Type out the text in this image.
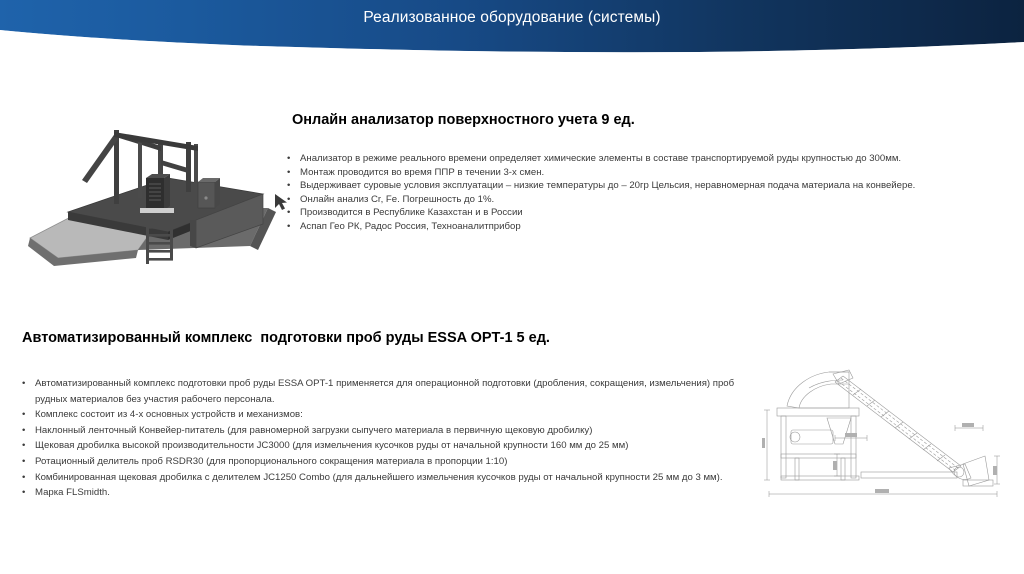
Реализованное оборудование (системы)
Онлайн анализатор поверхностного учета 9 ед.
• Анализатор в режиме реального времени определяет химические элементы в составе транспортируемой руды крупностью до 300мм.
• Монтаж проводится во время ППР в течении 3-х смен.
• Выдерживает суровые условия эксплуатации – низкие температуры до – 20гр Цельсия, неравномерная подача материала на конвейере.
• Онлайн анализ Cr, Fe. Погрешность до 1%.
• Производится в Республике Казахстан и в России
• Аспап Гео РК, Радос Россия, Техноаналитприбор
Автоматизированный комплекс  подготовки проб руды ESSA OPT-1 5 ед.
• Автоматизированный комплекс подготовки проб руды ESSA OPT-1 применяется для операционной подготовки (дробления, сокращения, измельчения) проб рудных материалов без участия рабочего персонала.
• Комплекс состоит из 4-х основных устройств и механизмов:
• Наклонный ленточный Конвейер-питатель (для равномерной загрузки сыпучего материала в первичную щековую дробилку)
• Щековая дробилка высокой производительности JC3000 (для измельчения кусочков руды от начальной крупности 160 мм до 25 мм)
• Ротационный делитель проб RSDR30 (для пропорционального сокращения материала в пропорции 1:10)
• Комбинированная щековая дробилка с делителем JC1250 Combo (для дальнейшего измельчения кусочков руды от начальной крупности 25 мм до 3 мм).
• Марка FLSmidth.
